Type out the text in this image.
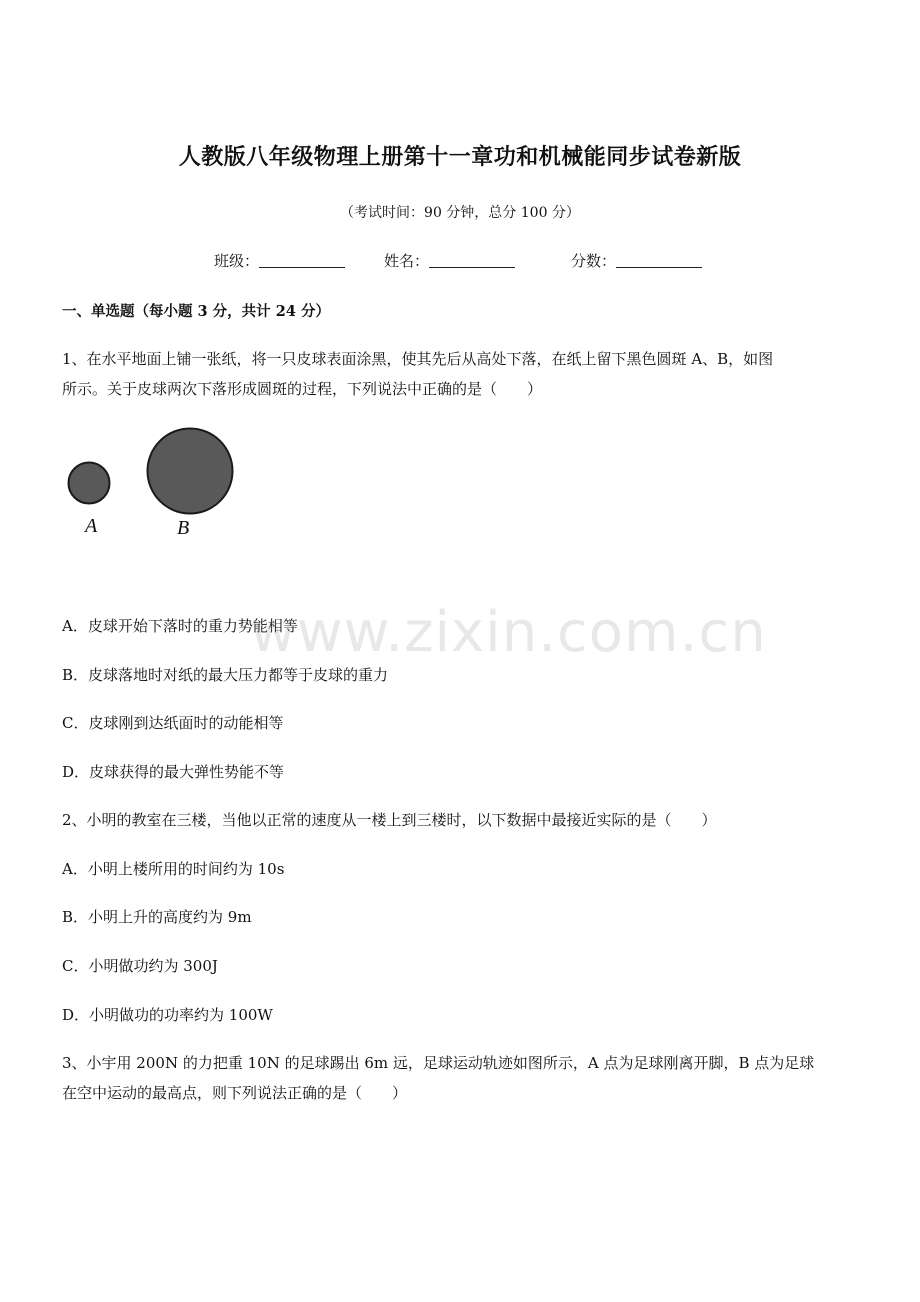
人教版八年级物理上册第十一章功和机械能同步试卷新版
（考试时间：90 分钟，总分 100 分）
班级：	姓名：	分数：
一、单选题（每小题 3 分，共计 24 分）
1、在水平地面上铺一张纸，将一只皮球表面涂黑，使其先后从高处下落，在纸上留下黑色圆斑 A、B，如图
所示。关于皮球两次下落形成圆斑的过程，下列说法中正确的是（　　）
A	B
A．皮球开始下落时的重力势能相等
B．皮球落地时对纸的最大压力都等于皮球的重力
C．皮球刚到达纸面时的动能相等
D．皮球获得的最大弹性势能不等
2、小明的教室在三楼，当他以正常的速度从一楼上到三楼时，以下数据中最接近实际的是（　　）
A．小明上楼所用的时间约为 10s
B．小明上升的高度约为 9m
C．小明做功约为 300J
D．小明做功的功率约为 100W
3、小宇用 200N 的力把重 10N 的足球踢出 6m 远，足球运动轨迹如图所示，A 点为足球刚离开脚，B 点为足球
在空中运动的最高点，则下列说法正确的是（　　）
www.zixin.com.cn
